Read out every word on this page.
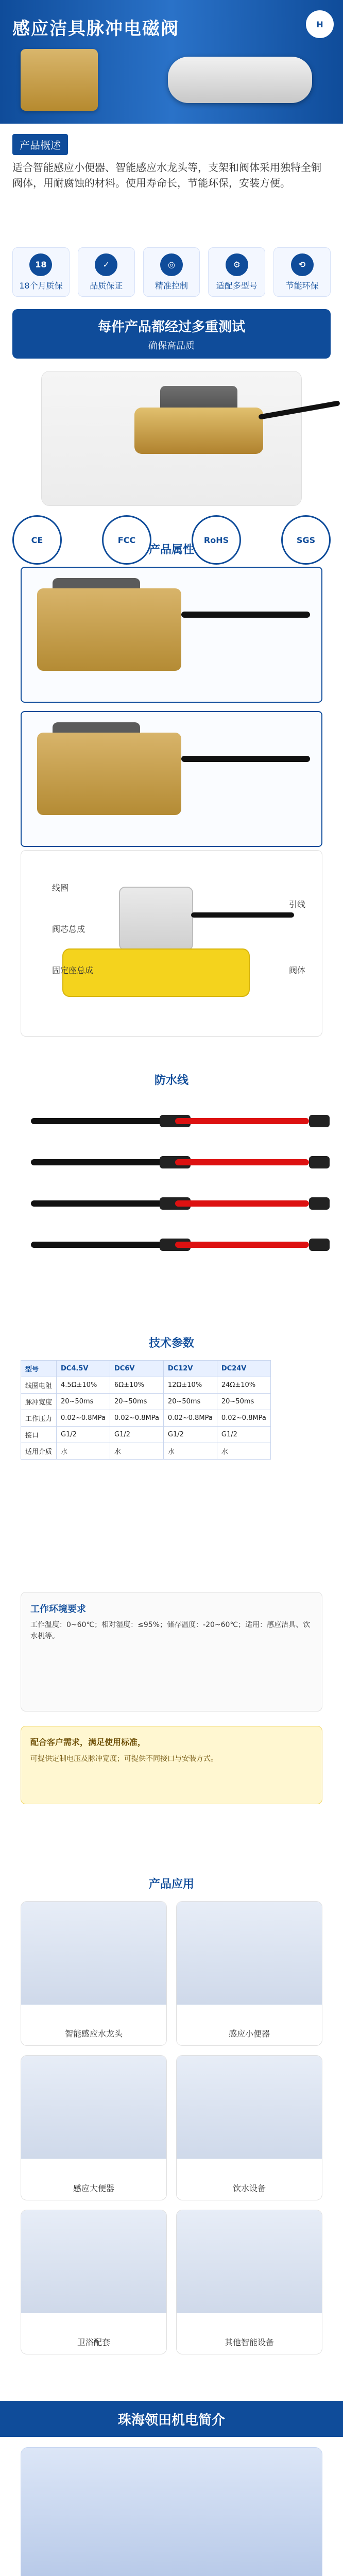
感应洁具脉冲电磁阀	H
产品概述
适合智能感应小便器、智能感应水龙头等，支架和阀体采用独特全铜阀体，用耐腐蚀的材料。使用寿命长，节能环保，安装方便。
18
18个月质保
✓
品质保证
◎
精准控制
⚙
适配多型号
⟲
节能环保
每件产品都经过多重测试
确保高品质
CE	FCC	RoHS	SGS
产品属性
线圈
引线
阀芯总成
固定座总成	阀体
防水线
技术参数
型号	DC4.5V	DC6V	DC12V	DC24V
线圈电阻	4.5Ω±10%	6Ω±10%	12Ω±10%	24Ω±10%
脉冲宽度	20~50ms	20~50ms	20~50ms	20~50ms
工作压力	0.02~0.8MPa	0.02~0.8MPa	0.02~0.8MPa	0.02~0.8MPa
接口	G1/2	G1/2	G1/2	G1/2
适用介质	水	水	水	水
工作环境要求
工作温度：0~60℃；相对湿度：≤95%；储存温度：-20~60℃；适用：感应洁具、饮水机等。
配合客户需求，满足使用标准，
可提供定制电压及脉冲宽度；可提供不同接口与安装方式。
产品应用
智能感应水龙头	感应小便器
感应大便器	饮水设备
卫浴配套	其他智能设备
珠海领田机电简介
